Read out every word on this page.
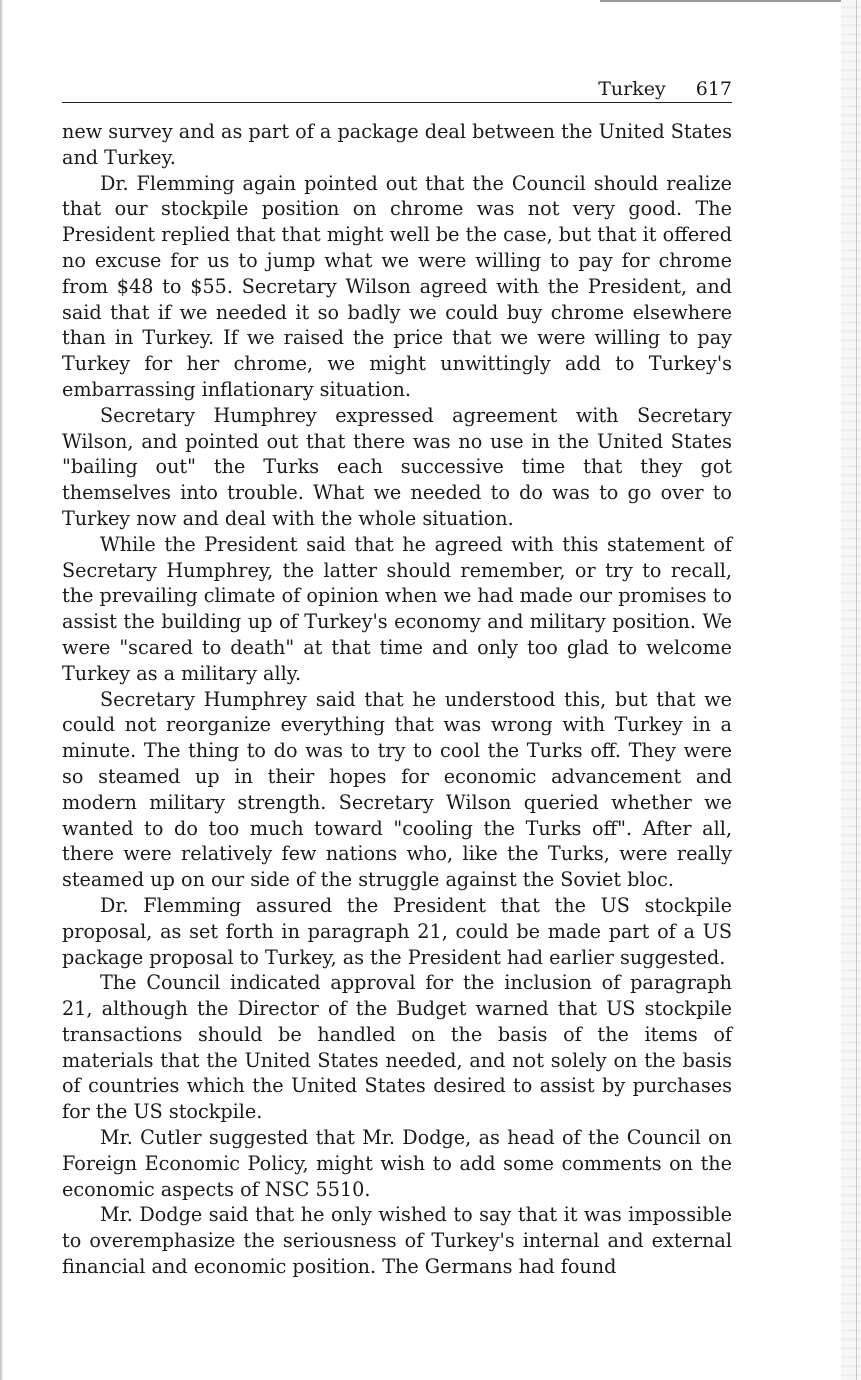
Turkey 617

new survey and as part of a package deal between the United States and Turkey.

Dr. Flemming again pointed out that the Council should realize that our stockpile position on chrome was not very good. The President replied that that might well be the case, but that it offered no excuse for us to jump what we were willing to pay for chrome from $48 to $55. Secretary Wilson agreed with the President, and said that if we needed it so badly we could buy chrome elsewhere than in Turkey. If we raised the price that we were willing to pay Turkey for her chrome, we might unwittingly add to Turkey's embarrassing inflationary situation.

Secretary Humphrey expressed agreement with Secretary Wilson, and pointed out that there was no use in the United States "bailing out" the Turks each successive time that they got themselves into trouble. What we needed to do was to go over to Turkey now and deal with the whole situation.

While the President said that he agreed with this statement of Secretary Humphrey, the latter should remember, or try to recall, the prevailing climate of opinion when we had made our promises to assist the building up of Turkey's economy and military position. We were "scared to death" at that time and only too glad to welcome Turkey as a military ally.

Secretary Humphrey said that he understood this, but that we could not reorganize everything that was wrong with Turkey in a minute. The thing to do was to try to cool the Turks off. They were so steamed up in their hopes for economic advancement and modern military strength. Secretary Wilson queried whether we wanted to do too much toward "cooling the Turks off". After all, there were relatively few nations who, like the Turks, were really steamed up on our side of the struggle against the Soviet bloc.

Dr. Flemming assured the President that the US stockpile proposal, as set forth in paragraph 21, could be made part of a US package proposal to Turkey, as the President had earlier suggested.

The Council indicated approval for the inclusion of paragraph 21, although the Director of the Budget warned that US stockpile transactions should be handled on the basis of the items of materials that the United States needed, and not solely on the basis of countries which the United States desired to assist by purchases for the US stockpile.

Mr. Cutler suggested that Mr. Dodge, as head of the Council on Foreign Economic Policy, might wish to add some comments on the economic aspects of NSC 5510.

Mr. Dodge said that he only wished to say that it was impossible to overemphasize the seriousness of Turkey's internal and external financial and economic position. The Germans had found
